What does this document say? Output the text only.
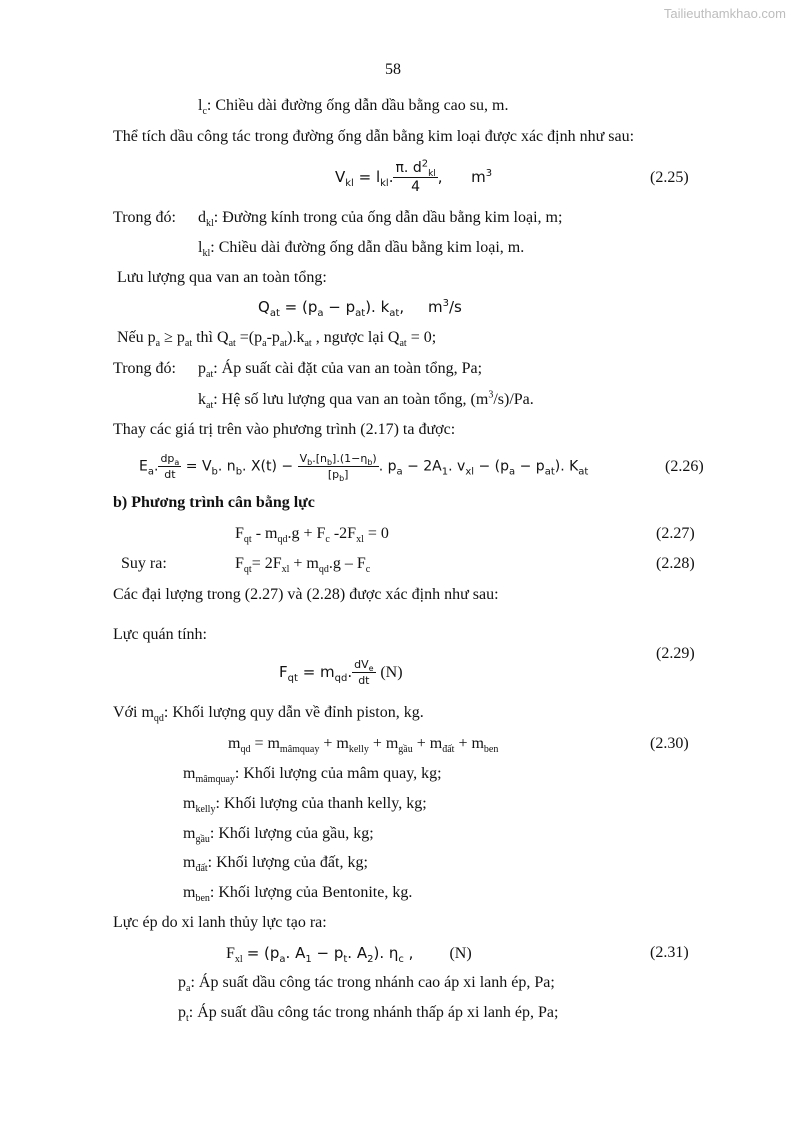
Tailieuthamkhao.com
58
$l_c$: Chiều dài đường ống dẫn dầu bằng cao su, m.
Thể tích dầu công tác trong đường ống dẫn bằng kim loại được xác định như sau:
$V_{kl} = l_{kl}$. $\frac{\pi. d^2_{kl}}{4}$ ,      $m^3$	(2.25)
Trong đó: $d_{kl}$: Đường kính trong của ống dẫn dầu bằng kim loại, m;
$l_{kl}$: Chiều dài đường ống dẫn dầu bằng kim loại, m.
Lưu lượng qua van an toàn tổng:
$Q_{at} = (p_a - p_{at})$. $k_{at}$,     $m^3/s$
Nếu $p_a \ge p_{at}$ thì $Q_{at} =(p_a-p_{at}).k_{at}$ , ngược lại $Q_{at} = 0$;
Trong đó: $p_{at}$: Áp suất cài đặt của van an toàn tổng, Pa;
$k_{at}$: Hệ số lưu lượng qua van an toàn tổng, $(m^3/s)/Pa$.
Thay các giá trị trên vào phương trình (2.17) ta được:
$E_a$. $\frac{dp_a}{dt} = V_b$. $n_b$. $X(t) - \frac{V_b.[n_b].(1-\eta_b)}{[p_b]}$ . $p_a - 2A_1$. $v_{xl} - (p_a - p_{at})$. $K_{at}$	(2.26)
b) Phương trình cân bằng lực
$F_{qt} - m_{qd}.g + F_c$ $-2F_{xl} = 0$	(2.27)
Suy ra:	$F_{qt}= 2F_{xl} + m_{qd}.g - F_c$	(2.28)
Các đại lượng trong (2.27) và (2.28) được xác định như sau:
Lực quán tính:
(2.29)
$F_{qt} = m_{qd}$. $\frac{dV_e}{dt} (N)$
Với $m_{qd}$: Khối lượng quy dẫn về đỉnh piston, kg.
$m_{qd} = m_{mâmquay} + m_{kelly} + m_{gầu} + m_{đất} + m_{ben}$	(2.30)
$m_{mâmquay}$: Khối lượng của mâm quay, kg;
$m_{kelly}$: Khối lượng của thanh kelly, kg;
$m_{gầu}$: Khối lượng của gầu, kg;
$m_{đất}$: Khối lượng của đất, kg;
$m_{ben}$: Khối lượng của Bentonite, kg.
Lực ép do xi lanh thủy lực tạo ra:
$F_{xl} = (p_a$. $A_1 - p_t$. $A_2$). $\eta_c$ ,         (N)	(2.31)
$p_a$: Áp suất dầu công tác trong nhánh cao áp xi lanh ép, Pa;
$p_t$: Áp suất dầu công tác trong nhánh thấp áp xi lanh ép, Pa;
